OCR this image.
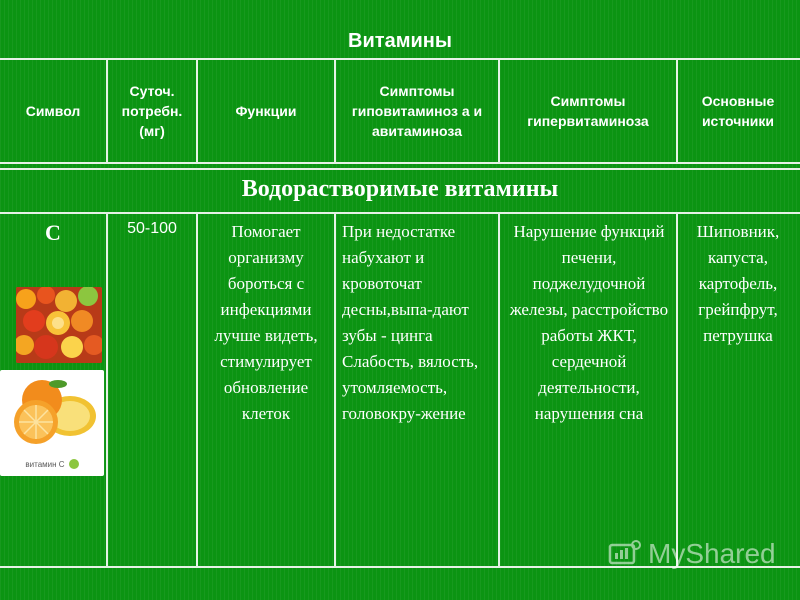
Витамины
Символ
Суточ. потребн. (мг)
Функции
Симптомы гиповитаминоз а и авитаминоза
Симптомы гипервитаминоза
Основные источники
Водорастворимые витамины
С	50-100	Помогает организму бороться с инфекциями лучше видеть, стимулирует обновление клеток
При недостатке набухают и кровоточат десны,выпа-дают зубы - цинга Слабость, вялость, утомляемость, головокру-жение
Нарушение функций печени, поджелудочной железы, расстройство работы ЖКТ, сердечной деятельности, нарушения сна
Шиповник, капуста, картофель, грейпфрут, петрушка
витамин С
MyShared
